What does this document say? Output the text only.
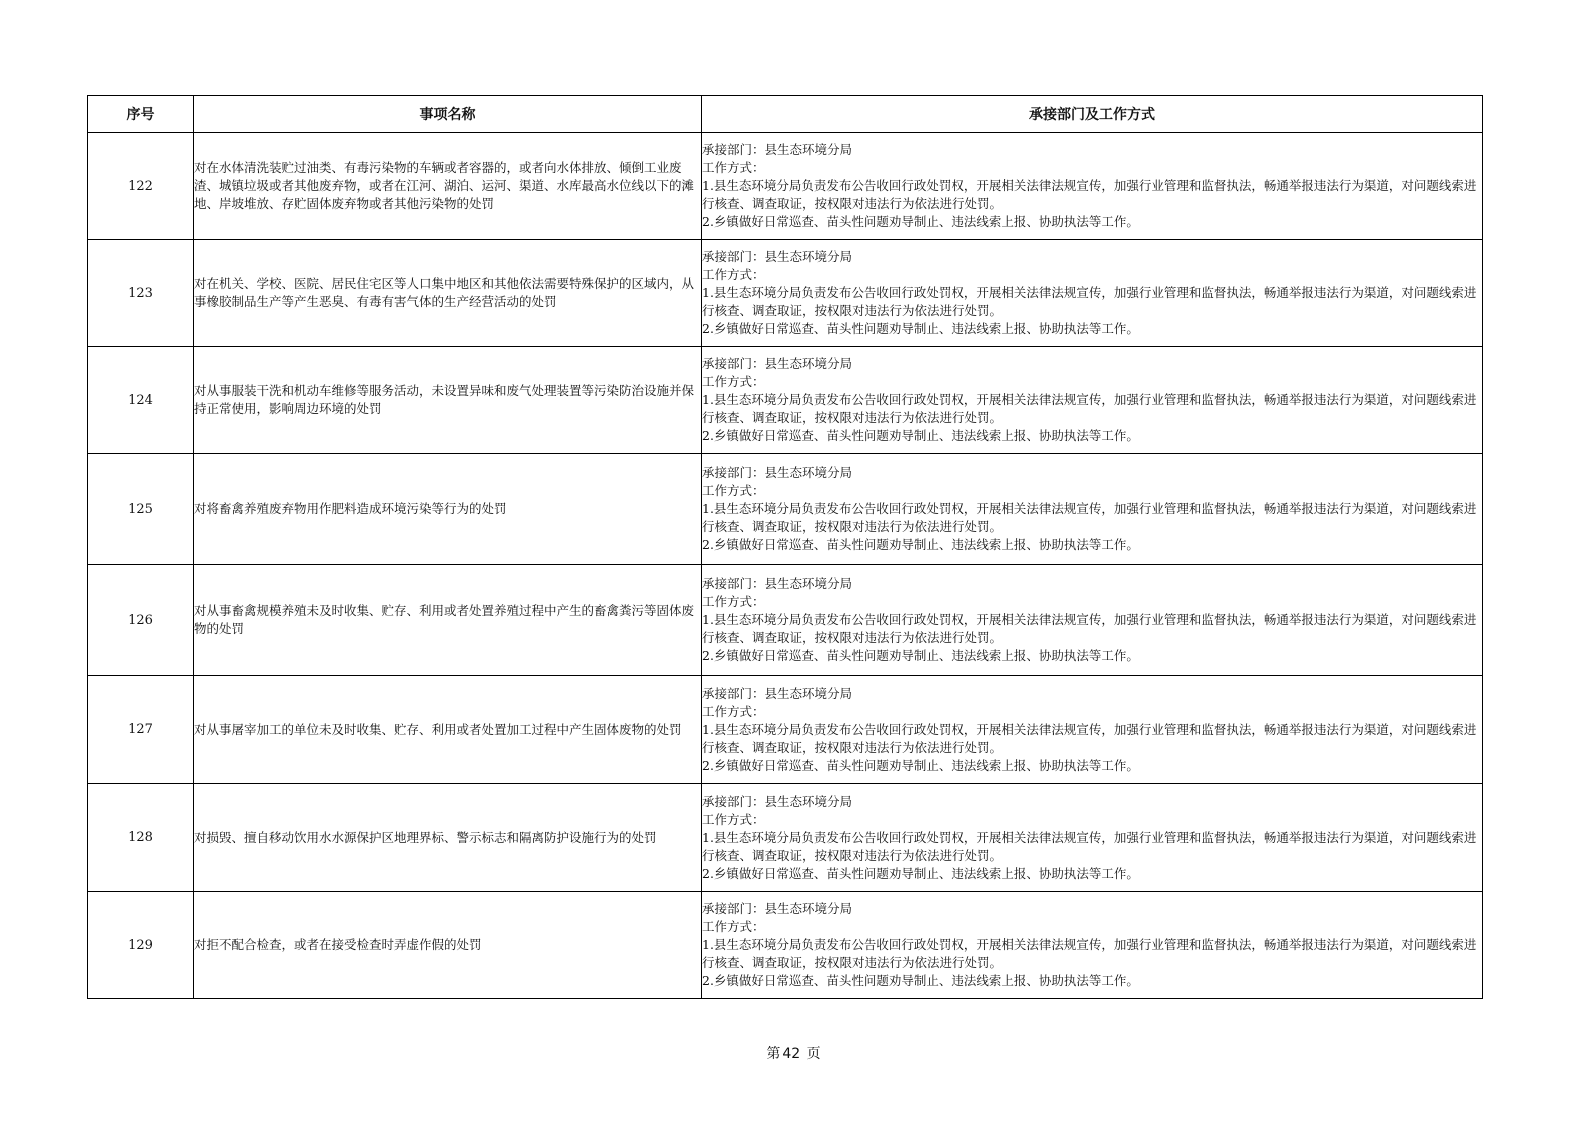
序号	事项名称	承接部门及工作方式
122	对在水体清洗装贮过油类、有毒污染物的车辆或者容器的，或者向水体排放、倾倒工业废渣、城镇垃圾或者其他废弃物，或者在江河、湖泊、运河、渠道、水库最高水位线以下的滩地、岸坡堆放、存贮固体废弃物或者其他污染物的处罚	承接部门：县生态环境分局
工作方式：
1.县生态环境分局负责发布公告收回行政处罚权，开展相关法律法规宣传，加强行业管理和监督执法，畅通举报违法行为渠道，对问题线索进行核查、调查取证，按权限对违法行为依法进行处罚。
2.乡镇做好日常巡查、苗头性问题劝导制止、违法线索上报、协助执法等工作。

123	对在机关、学校、医院、居民住宅区等人口集中地区和其他依法需要特殊保护的区域内，从事橡胶制品生产等产生恶臭、有毒有害气体的生产经营活动的处罚	承接部门：县生态环境分局
工作方式：
1.县生态环境分局负责发布公告收回行政处罚权，开展相关法律法规宣传，加强行业管理和监督执法，畅通举报违法行为渠道，对问题线索进行核查、调查取证，按权限对违法行为依法进行处罚。
2.乡镇做好日常巡查、苗头性问题劝导制止、违法线索上报、协助执法等工作。

124	对从事服装干洗和机动车维修等服务活动，未设置异味和废气处理装置等污染防治设施并保持正常使用，影响周边环境的处罚	承接部门：县生态环境分局
工作方式：
1.县生态环境分局负责发布公告收回行政处罚权，开展相关法律法规宣传，加强行业管理和监督执法，畅通举报违法行为渠道，对问题线索进行核查、调查取证，按权限对违法行为依法进行处罚。
2.乡镇做好日常巡查、苗头性问题劝导制止、违法线索上报、协助执法等工作。

125	对将畜禽养殖废弃物用作肥料造成环境污染等行为的处罚	承接部门：县生态环境分局
工作方式：
1.县生态环境分局负责发布公告收回行政处罚权，开展相关法律法规宣传，加强行业管理和监督执法，畅通举报违法行为渠道，对问题线索进行核查、调查取证，按权限对违法行为依法进行处罚。
2.乡镇做好日常巡查、苗头性问题劝导制止、违法线索上报、协助执法等工作。

126	对从事畜禽规模养殖未及时收集、贮存、利用或者处置养殖过程中产生的畜禽粪污等固体废物的处罚	承接部门：县生态环境分局
工作方式：
1.县生态环境分局负责发布公告收回行政处罚权，开展相关法律法规宣传，加强行业管理和监督执法，畅通举报违法行为渠道，对问题线索进行核查、调查取证，按权限对违法行为依法进行处罚。
2.乡镇做好日常巡查、苗头性问题劝导制止、违法线索上报、协助执法等工作。

127	对从事屠宰加工的单位未及时收集、贮存、利用或者处置加工过程中产生固体废物的处罚	承接部门：县生态环境分局
工作方式：
1.县生态环境分局负责发布公告收回行政处罚权，开展相关法律法规宣传，加强行业管理和监督执法，畅通举报违法行为渠道，对问题线索进行核查、调查取证，按权限对违法行为依法进行处罚。
2.乡镇做好日常巡查、苗头性问题劝导制止、违法线索上报、协助执法等工作。

128	对损毁、擅自移动饮用水水源保护区地理界标、警示标志和隔离防护设施行为的处罚	承接部门：县生态环境分局
工作方式：
1.县生态环境分局负责发布公告收回行政处罚权，开展相关法律法规宣传，加强行业管理和监督执法，畅通举报违法行为渠道，对问题线索进行核查、调查取证，按权限对违法行为依法进行处罚。
2.乡镇做好日常巡查、苗头性问题劝导制止、违法线索上报、协助执法等工作。

129	对拒不配合检查，或者在接受检查时弄虚作假的处罚	承接部门：县生态环境分局
工作方式：
1.县生态环境分局负责发布公告收回行政处罚权，开展相关法律法规宣传，加强行业管理和监督执法，畅通举报违法行为渠道，对问题线索进行核查、调查取证，按权限对违法行为依法进行处罚。
2.乡镇做好日常巡查、苗头性问题劝导制止、违法线索上报、协助执法等工作。
第 42 页
